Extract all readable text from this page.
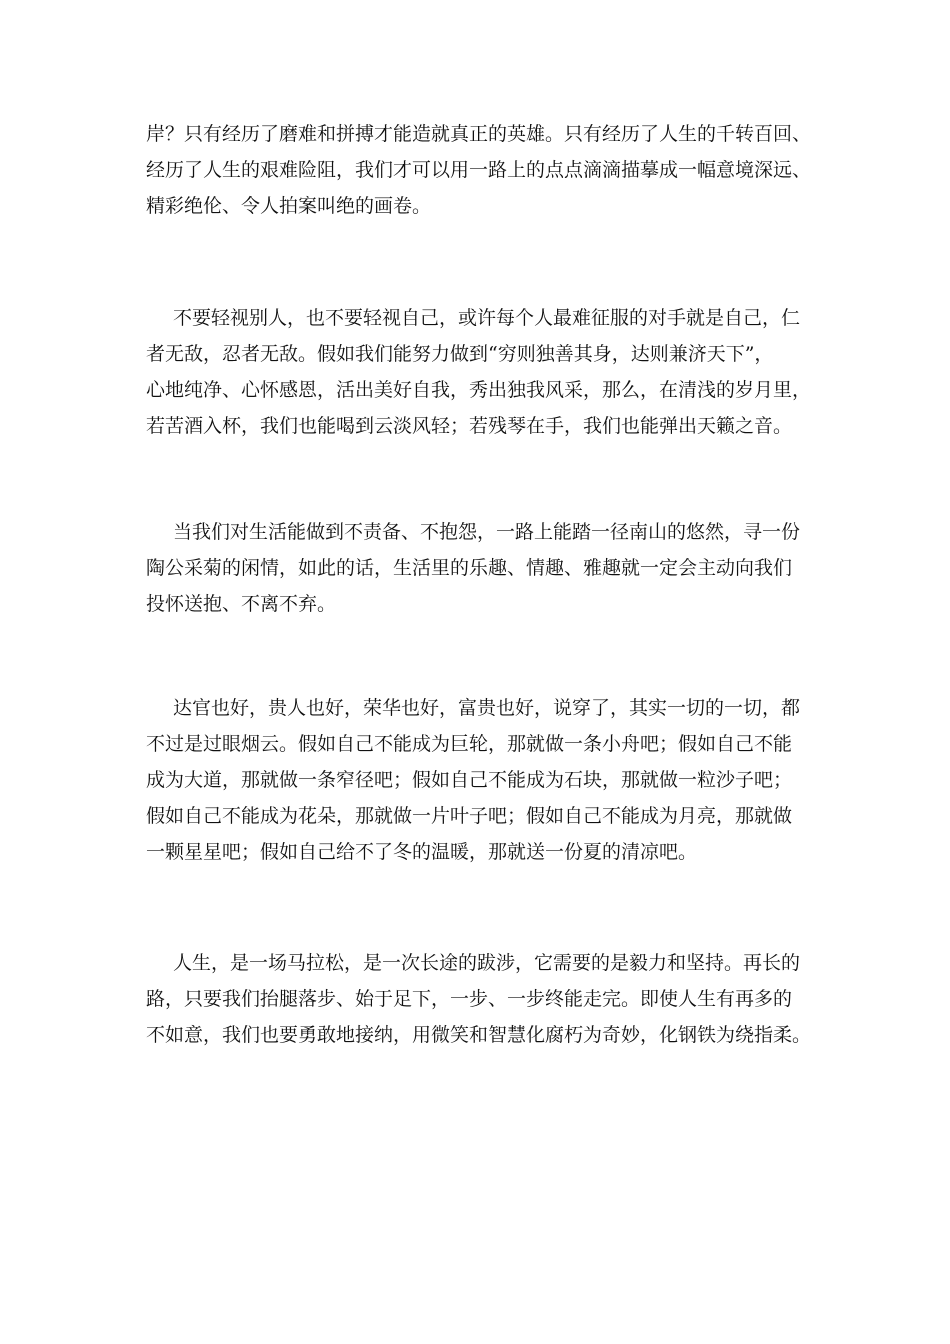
岸？只有经历了磨难和拼搏才能造就真正的英雄。只有经历了人生的千转百回、
经历了人生的艰难险阻，我们才可以用一路上的点点滴滴描摹成一幅意境深远、
精彩绝伦、令人拍案叫绝的画卷。

不要轻视别人，也不要轻视自己，或许每个人最难征服的对手就是自己，仁
者无敌，忍者无敌。假如我们能努力做到“穷则独善其身，达则兼济天下”，
心地纯净、心怀感恩，活出美好自我，秀出独我风采，那么，在清浅的岁月里，
若苦酒入杯，我们也能喝到云淡风轻；若残琴在手，我们也能弹出天籁之音。

当我们对生活能做到不责备、不抱怨，一路上能踏一径南山的悠然，寻一份
陶公采菊的闲情，如此的话，生活里的乐趣、情趣、雅趣就一定会主动向我们
投怀送抱、不离不弃。

达官也好，贵人也好，荣华也好，富贵也好，说穿了，其实一切的一切，都
不过是过眼烟云。假如自己不能成为巨轮，那就做一条小舟吧；假如自己不能
成为大道，那就做一条窄径吧；假如自己不能成为石块，那就做一粒沙子吧；
假如自己不能成为花朵，那就做一片叶子吧；假如自己不能成为月亮，那就做
一颗星星吧；假如自己给不了冬的温暖，那就送一份夏的清凉吧。

人生，是一场马拉松，是一次长途的跋涉，它需要的是毅力和坚持。再长的
路，只要我们抬腿落步、始于足下，一步、一步终能走完。即使人生有再多的
不如意，我们也要勇敢地接纳，用微笑和智慧化腐朽为奇妙，化钢铁为绕指柔。
